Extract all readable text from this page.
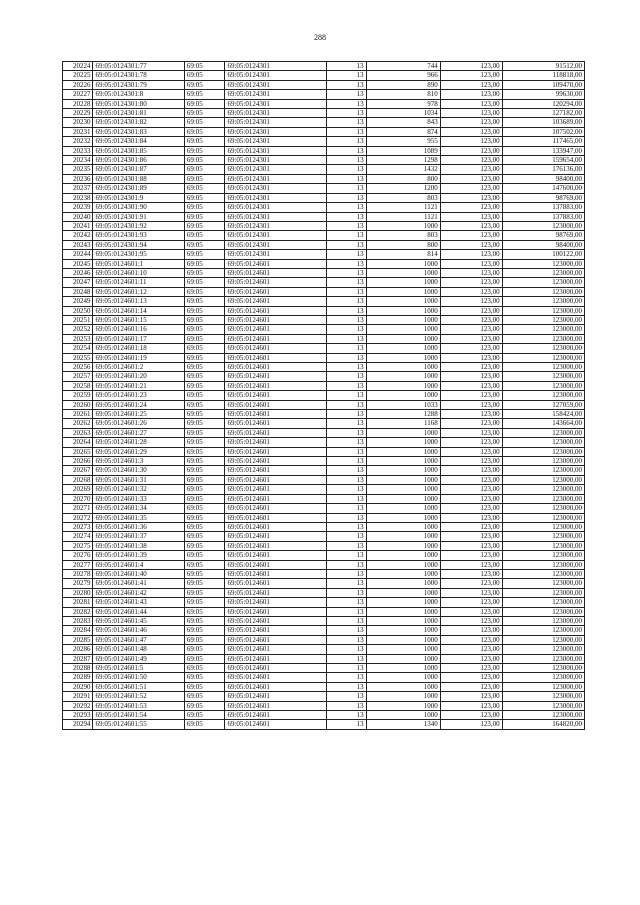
288
20224	69:05:0124301:77	69:05	69:05:0124301	13	744	123,00	91512,00
20225	69:05:0124301:78	69:05	69:05:0124301	13	966	123,00	118818,00
20226	69:05:0124301:79	69:05	69:05:0124301	13	890	123,00	109470,00
20227	69:05:0124301:8	69:05	69:05:0124301	13	810	123,00	99630,00
20228	69:05:0124301:80	69:05	69:05:0124301	13	978	123,00	120294,00
20229	69:05:0124301:81	69:05	69:05:0124301	13	1034	123,00	127182,00
20230	69:05:0124301:82	69:05	69:05:0124301	13	843	123,00	103689,00
20231	69:05:0124301:83	69:05	69:05:0124301	13	874	123,00	107502,00
20232	69:05:0124301:84	69:05	69:05:0124301	13	955	123,00	117465,00
20233	69:05:0124301:85	69:05	69:05:0124301	13	1089	123,00	133947,00
20234	69:05:0124301:86	69:05	69:05:0124301	13	1298	123,00	159654,00
20235	69:05:0124301:87	69:05	69:05:0124301	13	1432	123,00	176136,00
20236	69:05:0124301:88	69:05	69:05:0124301	13	800	123,00	98400,00
20237	69:05:0124301:89	69:05	69:05:0124301	13	1200	123,00	147600,00
20238	69:05:0124301:9	69:05	69:05:0124301	13	803	123,00	98769,00
20239	69:05:0124301:90	69:05	69:05:0124301	13	1121	123,00	137883,00
20240	69:05:0124301:91	69:05	69:05:0124301	13	1121	123,00	137883,00
20241	69:05:0124301:92	69:05	69:05:0124301	13	1000	123,00	123000,00
20242	69:05:0124301:93	69:05	69:05:0124301	13	803	123,00	98769,00
20243	69:05:0124301:94	69:05	69:05:0124301	13	800	123,00	98400,00
20244	69:05:0124301:95	69:05	69:05:0124301	13	814	123,00	100122,00
20245	69:05:0124601:1	69:05	69:05:0124601	13	1000	123,00	123000,00
20246	69:05:0124601:10	69:05	69:05:0124601	13	1000	123,00	123000,00
20247	69:05:0124601:11	69:05	69:05:0124601	13	1000	123,00	123000,00
20248	69:05:0124601:12	69:05	69:05:0124601	13	1000	123,00	123000,00
20249	69:05:0124601:13	69:05	69:05:0124601	13	1000	123,00	123000,00
20250	69:05:0124601:14	69:05	69:05:0124601	13	1000	123,00	123000,00
20251	69:05:0124601:15	69:05	69:05:0124601	13	1000	123,00	123000,00
20252	69:05:0124601:16	69:05	69:05:0124601	13	1000	123,00	123000,00
20253	69:05:0124601:17	69:05	69:05:0124601	13	1000	123,00	123000,00
20254	69:05:0124601:18	69:05	69:05:0124601	13	1000	123,00	123000,00
20255	69:05:0124601:19	69:05	69:05:0124601	13	1000	123,00	123000,00
20256	69:05:0124601:2	69:05	69:05:0124601	13	1000	123,00	123000,00
20257	69:05:0124601:20	69:05	69:05:0124601	13	1000	123,00	123000,00
20258	69:05:0124601:21	69:05	69:05:0124601	13	1000	123,00	123000,00
20259	69:05:0124601:23	69:05	69:05:0124601	13	1000	123,00	123000,00
20260	69:05:0124601:24	69:05	69:05:0124601	13	1033	123,00	127059,00
20261	69:05:0124601:25	69:05	69:05:0124601	13	1288	123,00	158424,00
20262	69:05:0124601:26	69:05	69:05:0124601	13	1168	123,00	143664,00
20263	69:05:0124601:27	69:05	69:05:0124601	13	1000	123,00	123000,00
20264	69:05:0124601:28	69:05	69:05:0124601	13	1000	123,00	123000,00
20265	69:05:0124601:29	69:05	69:05:0124601	13	1000	123,00	123000,00
20266	69:05:0124601:3	69:05	69:05:0124601	13	1000	123,00	123000,00
20267	69:05:0124601:30	69:05	69:05:0124601	13	1000	123,00	123000,00
20268	69:05:0124601:31	69:05	69:05:0124601	13	1000	123,00	123000,00
20269	69:05:0124601:32	69:05	69:05:0124601	13	1000	123,00	123000,00
20270	69:05:0124601:33	69:05	69:05:0124601	13	1000	123,00	123000,00
20271	69:05:0124601:34	69:05	69:05:0124601	13	1000	123,00	123000,00
20272	69:05:0124601:35	69:05	69:05:0124601	13	1000	123,00	123000,00
20273	69:05:0124601:36	69:05	69:05:0124601	13	1000	123,00	123000,00
20274	69:05:0124601:37	69:05	69:05:0124601	13	1000	123,00	123000,00
20275	69:05:0124601:38	69:05	69:05:0124601	13	1000	123,00	123000,00
20276	69:05:0124601:39	69:05	69:05:0124601	13	1000	123,00	123000,00
20277	69:05:0124601:4	69:05	69:05:0124601	13	1000	123,00	123000,00
20278	69:05:0124601:40	69:05	69:05:0124601	13	1000	123,00	123000,00
20279	69:05:0124601:41	69:05	69:05:0124601	13	1000	123,00	123000,00
20280	69:05:0124601:42	69:05	69:05:0124601	13	1000	123,00	123000,00
20281	69:05:0124601:43	69:05	69:05:0124601	13	1000	123,00	123000,00
20282	69:05:0124601:44	69:05	69:05:0124601	13	1000	123,00	123000,00
20283	69:05:0124601:45	69:05	69:05:0124601	13	1000	123,00	123000,00
20284	69:05:0124601:46	69:05	69:05:0124601	13	1000	123,00	123000,00
20285	69:05:0124601:47	69:05	69:05:0124601	13	1000	123,00	123000,00
20286	69:05:0124601:48	69:05	69:05:0124601	13	1000	123,00	123000,00
20287	69:05:0124601:49	69:05	69:05:0124601	13	1000	123,00	123000,00
20288	69:05:0124601:5	69:05	69:05:0124601	13	1000	123,00	123000,00
20289	69:05:0124601:50	69:05	69:05:0124601	13	1000	123,00	123000,00
20290	69:05:0124601:51	69:05	69:05:0124601	13	1000	123,00	123000,00
20291	69:05:0124601:52	69:05	69:05:0124601	13	1000	123,00	123000,00
20292	69:05:0124601:53	69:05	69:05:0124601	13	1000	123,00	123000,00
20293	69:05:0124601:54	69:05	69:05:0124601	13	1000	123,00	123000,00
20294	69:05:0124601:55	69:05	69:05:0124601	13	1340	123,00	164820,00
